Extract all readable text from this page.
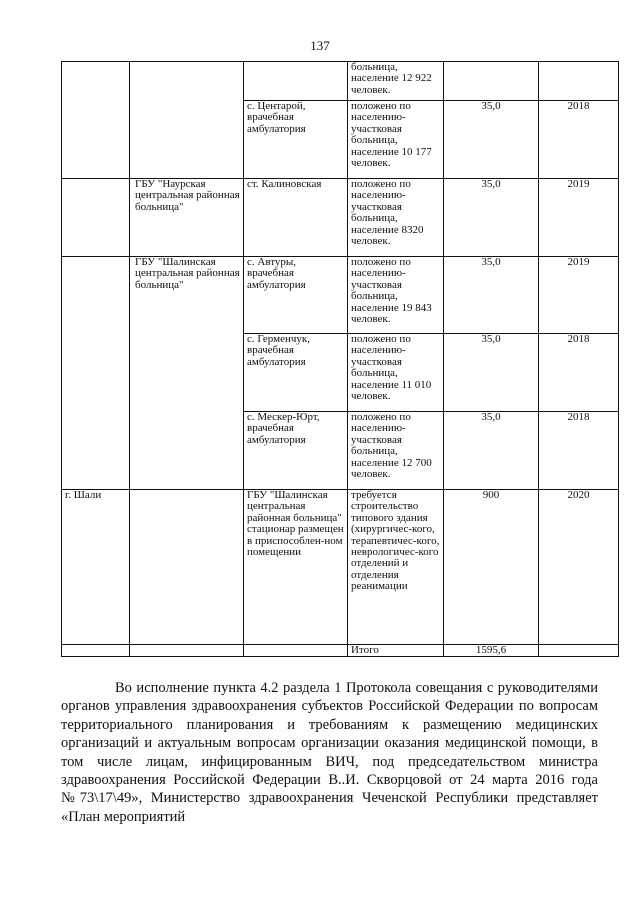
137
			больница, население 12 922 человек.		
		с. Центарой, врачебная амбулатория	положено по населению-участковая больница, население 10 177 человек.	35,0	2018
	ГБУ "Наурская центральная районная больница"	ст. Калиновская	положено по населению-участковая больница, население 8320 человек.	35,0	2019
	ГБУ "Шалинская центральная районная больница"	с. Автуры, врачебная амбулатория	положено по населению-участковая больница, население 19 843 человек.	35,0	2019
		с. Гермeнчук, врачебная амбулатория	положено по населению-участковая больница, население 11 010 человек.	35,0	2018
		с. Мескер-Юрт, врачебная амбулатория	положено по населению-участковая больница, население 12 700 человек.	35,0	2018
г. Шали		ГБУ "Шалинская центральная районная больница" стационар размещен в приспособлен-ном помещении	требуется строительство типового здания (хирургичес-кого, терапевтичес-кого, неврологичес-кого отделений и отделения реанимации	900	2020
			Итого	1595,6	

Во исполнение пункта 4.2 раздела 1 Протокола совещания с руководителями органов управления здравоохранения субъектов Российской Федерации по вопросам территориального планирования и требованиям к размещению медицинских организаций и актуальным вопросам организации оказания медицинской помощи, в том числе лицам, инфицированным ВИЧ, под председательством министра здравоохранения Российской Федерации В..И. Скворцовой от 24 марта 2016 года №73\17\49», Министерство здравоохранения Чеченской Республики представляет «План мероприятий
